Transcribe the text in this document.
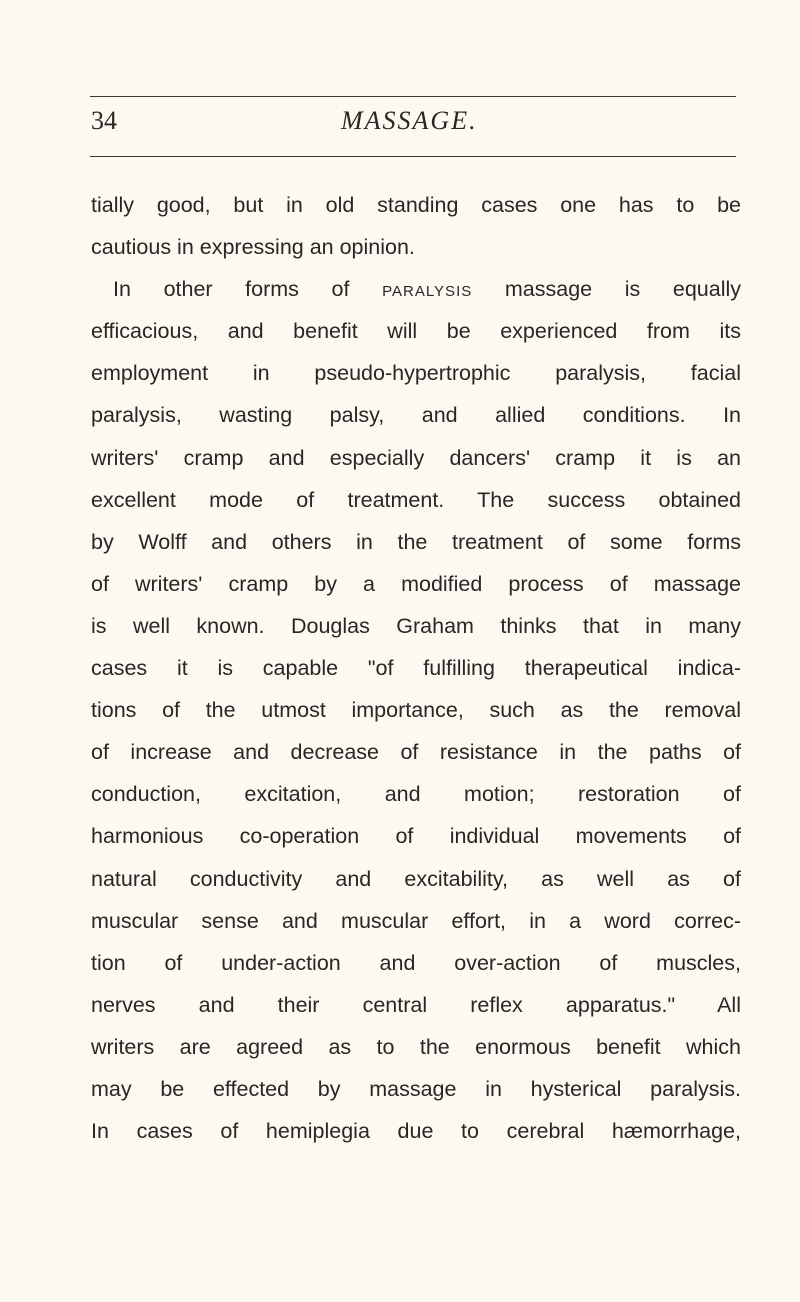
34	MASSAGE.
tially good, but in old standing cases one has to be
cautious in expressing an opinion.
In other forms of paralysis massage is equally
efficacious, and benefit will be experienced from its
employment in pseudo-hypertrophic paralysis, facial
paralysis, wasting palsy, and allied conditions. In
writers' cramp and especially dancers' cramp it is an
excellent mode of treatment. The success obtained
by Wolff and others in the treatment of some forms
of writers' cramp by a modified process of massage
is well known. Douglas Graham thinks that in many
cases it is capable "of fulfilling therapeutical indica-
tions of the utmost importance, such as the removal
of increase and decrease of resistance in the paths of
conduction, excitation, and motion; restoration of
harmonious co-operation of individual movements of
natural conductivity and excitability, as well as of
muscular sense and muscular effort, in a word correc-
tion of under-action and over-action of muscles,
nerves and their central reflex apparatus." All
writers are agreed as to the enormous benefit which
may be effected by massage in hysterical paralysis.
In cases of hemiplegia due to cerebral hæmorrhage,
